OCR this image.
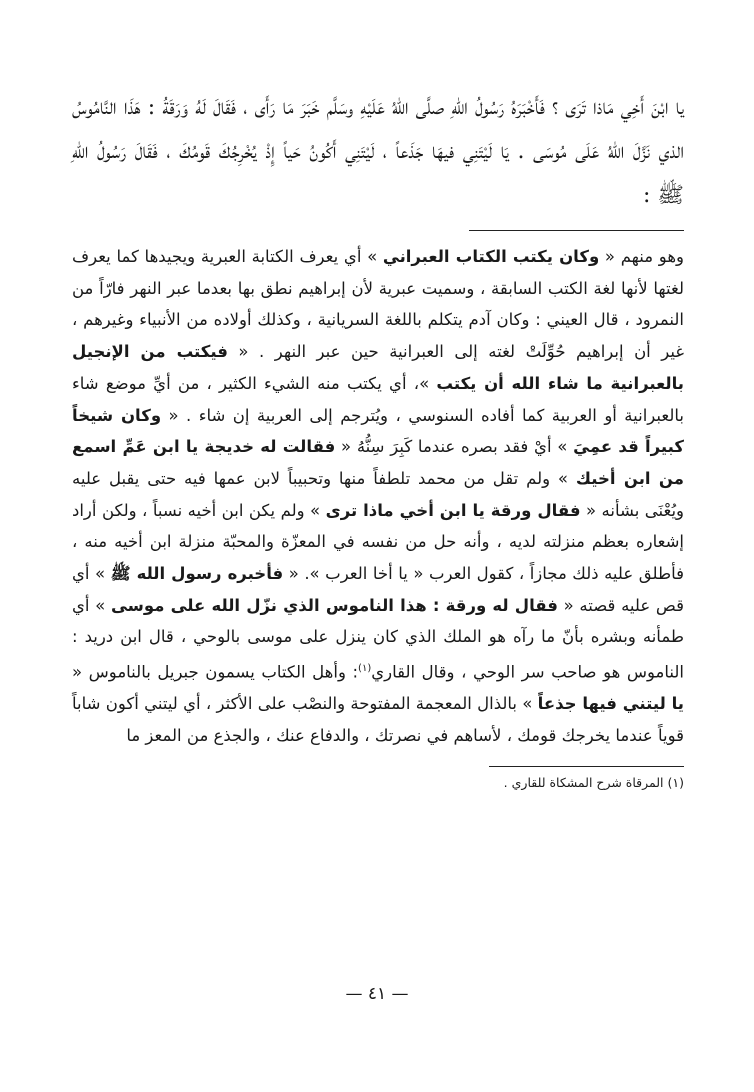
يا ابْنَ أَخِي مَاذا تَرَى ؟ فَأَخْبَرَهُ رَسُولُ اللهِ صلَّى اللهُ عَلَيْهِ وسَلَّم خَبَرَ مَا رَأَى ، فَقَالَ لَهُ وَرَقَةُ : هَذَا النَّامُوسُ الذي نَزَّلَ اللهُ عَلَى مُوسَى . يَا لَيْتَنِي فيهَا جَذَعاً ، لَيْتَنِي أَكُونُ حَياً إِذْ يُخْرِجُكَ قَومُكَ ، فَقَالَ رَسُولُ اللهِ ﷺ :

وهو منهم « وكان يكتب الكتاب العبراني » أي يعرف الكتابة العبرية ويجيدها كما يعرف لغتها لأنها لغة الكتب السابقة ، وسميت عبرية لأن إبراهيم نطق بها بعدما عبر النهر فارّاً من النمرود ، قال العيني : وكان آدم يتكلم باللغة السريانية ، وكذلك أولاده من الأنبياء وغيرهم ، غير أن إبراهيم حُوِّلَتْ لغته إلى العبرانية حين عبر النهر . « فيكتب من الإنجيل بالعبرانية ما شاء الله أن يكتب »، أي يكتب منه الشيء الكثير ، من أيِّ موضع شاء بالعبرانية أو العربية كما أفاده السنوسي ، ويُترجم إلى العربية إن شاء . « وكان شيخاً كبيراً قد عمِيَ » أيْ فقد بصره عندما كَبِرَ سِنُّهُ « فقالت له خديجة يا ابن عَمِّ اسمع من ابن أخيك » ولم تقل من محمد تلطفاً منها وتحبيباً لابن عمها فيه حتى يقبل عليه ويُعْنَى بشأنه « فقال ورقة يا ابن أخي ماذا ترى » ولم يكن ابن أخيه نسباً ، ولكن أراد إشعاره بعظم منزلته لديه ، وأنه حل من نفسه في المعزّة والمحبّة منزلة ابن أخيه منه ، فأطلق عليه ذلك مجازاً ، كقول العرب « يا أخا العرب ». « فأخبره رسول الله ﷺ » أي قص عليه قصته « فقال له ورقة : هذا الناموس الذي نزّل الله على موسى » أي طمأنه وبشره بأنّ ما رآه هو الملك الذي كان ينزل على موسى بالوحي ، قال ابن دريد : الناموس هو صاحب سر الوحي ، وقال القاري$^{(١)}$: وأهل الكتاب يسمون جبريل بالناموس « يا ليتني فيها جذعاً » بالذال المعجمة المفتوحة والنصْب على الأكثر ، أي ليتني أكون شاباً قوياً عندما يخرجك قومك ، لأساهم في نصرتك ، والدفاع عنك ، والجذع من المعز ما

(١) المرقاة شرح المشكاة للقاري .

— ٤١ —
